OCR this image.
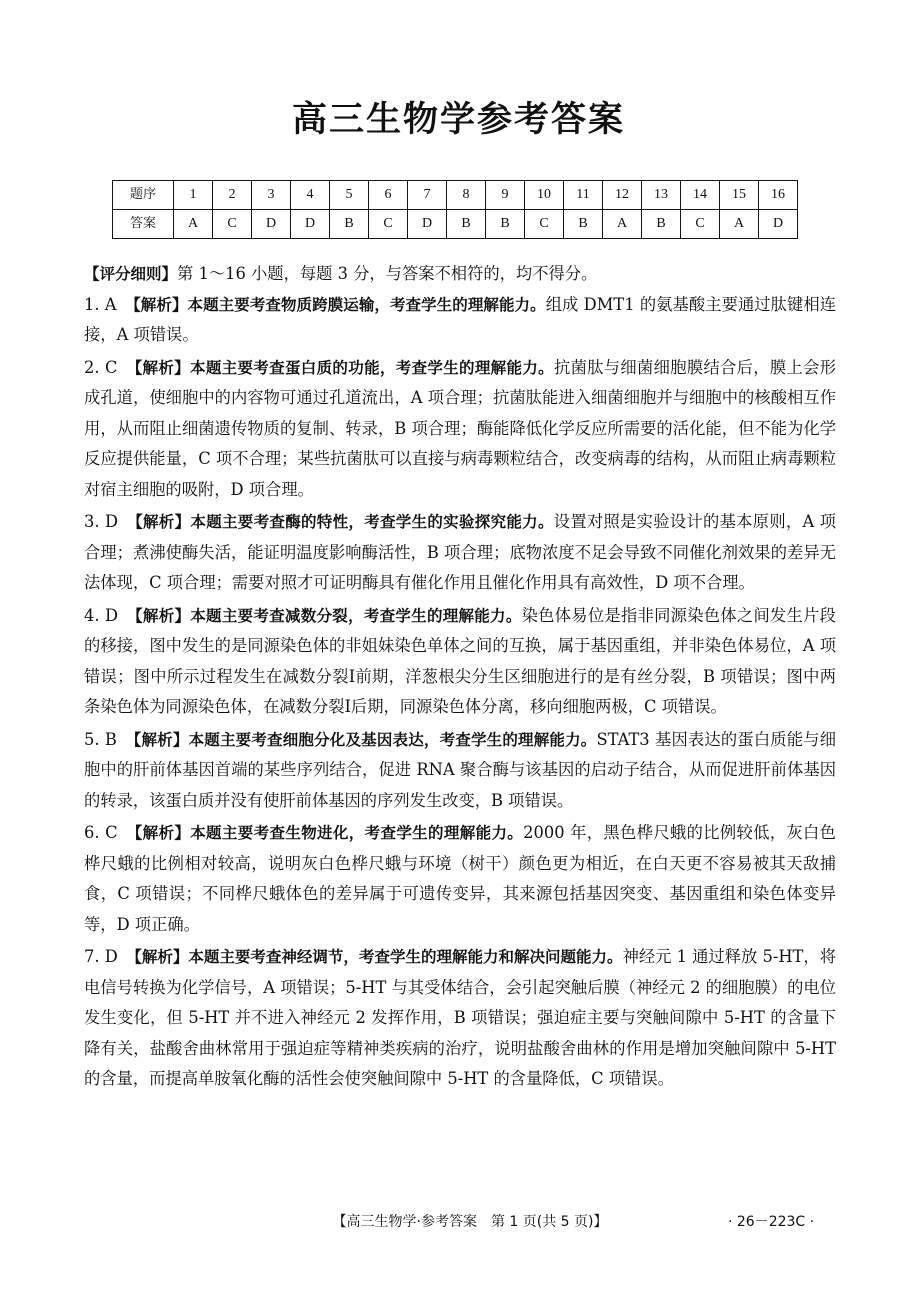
高三生物学参考答案
题序	1	2	3	4	5	6	7	8	9	10	11	12	13	14	15	16
答案	A	C	D	D	B	C	D	B	B	C	B	A	B	C	A	D
【评分细则】第 1～16 小题，每题 3 分，与答案不相符的，均不得分。
1. A　 【解析】本题主要考查物质跨膜运输，考查学生的理解能力。组成 DMT1 的氨基酸主要通过肽键相连接，A 项错误。
2. C　 【解析】本题主要考查蛋白质的功能，考查学生的理解能力。抗菌肽与细菌细胞膜结合后，膜上会形成孔道，使细胞中的内容物可通过孔道流出，A 项合理；抗菌肽能进入细菌细胞并与细胞中的核酸相互作用，从而阻止细菌遗传物质的复制、转录，B 项合理；酶能降低化学反应所需要的活化能，但不能为化学反应提供能量，C 项不合理；某些抗菌肽可以直接与病毒颗粒结合，改变病毒的结构，从而阻止病毒颗粒对宿主细胞的吸附，D 项合理。
3. D　 【解析】本题主要考查酶的特性，考查学生的实验探究能力。设置对照是实验设计的基本原则，A 项合理；煮沸使酶失活，能证明温度影响酶活性，B 项合理；底物浓度不足会导致不同催化剂效果的差异无法体现，C 项合理；需要对照才可证明酶具有催化作用且催化作用具有高效性，D 项不合理。
4. D　 【解析】本题主要考查减数分裂，考查学生的理解能力。染色体易位是指非同源染色体之间发生片段的移接，图中发生的是同源染色体的非姐妹染色单体之间的互换，属于基因重组，并非染色体易位，A 项错误；图中所示过程发生在减数分裂Ⅰ前期，洋葱根尖分生区细胞进行的是有丝分裂，B 项错误；图中两条染色体为同源染色体，在减数分裂Ⅰ后期，同源染色体分离，移向细胞两极，C 项错误。
5. B　 【解析】本题主要考查细胞分化及基因表达，考查学生的理解能力。STAT3 基因表达的蛋白质能与细胞中的肝前体基因首端的某些序列结合，促进 RNA 聚合酶与该基因的启动子结合，从而促进肝前体基因的转录，该蛋白质并没有使肝前体基因的序列发生改变，B 项错误。
6. C　 【解析】本题主要考查生物进化，考查学生的理解能力。2000 年，黑色桦尺蛾的比例较低，灰白色桦尺蛾的比例相对较高，说明灰白色桦尺蛾与环境（树干）颜色更为相近，在白天更不容易被其天敌捕食，C 项错误；不同桦尺蛾体色的差异属于可遗传变异，其来源包括基因突变、基因重组和染色体变异等，D 项正确。
7. D　 【解析】本题主要考查神经调节，考查学生的理解能力和解决问题能力。神经元 1 通过释放 5-HT，将电信号转换为化学信号，A 项错误；5-HT 与其受体结合，会引起突触后膜（神经元 2 的细胞膜）的电位发生变化，但 5-HT 并不进入神经元 2 发挥作用，B 项错误；强迫症主要与突触间隙中 5-HT 的含量下降有关，盐酸舍曲林常用于强迫症等精神类疾病的治疗，说明盐酸舍曲林的作用是增加突触间隙中 5-HT 的含量，而提高单胺氧化酶的活性会使突触间隙中 5-HT 的含量降低，C 项错误。
【高三生物学·参考答案　第 1 页(共 5 页)】	· 26－223C ·
